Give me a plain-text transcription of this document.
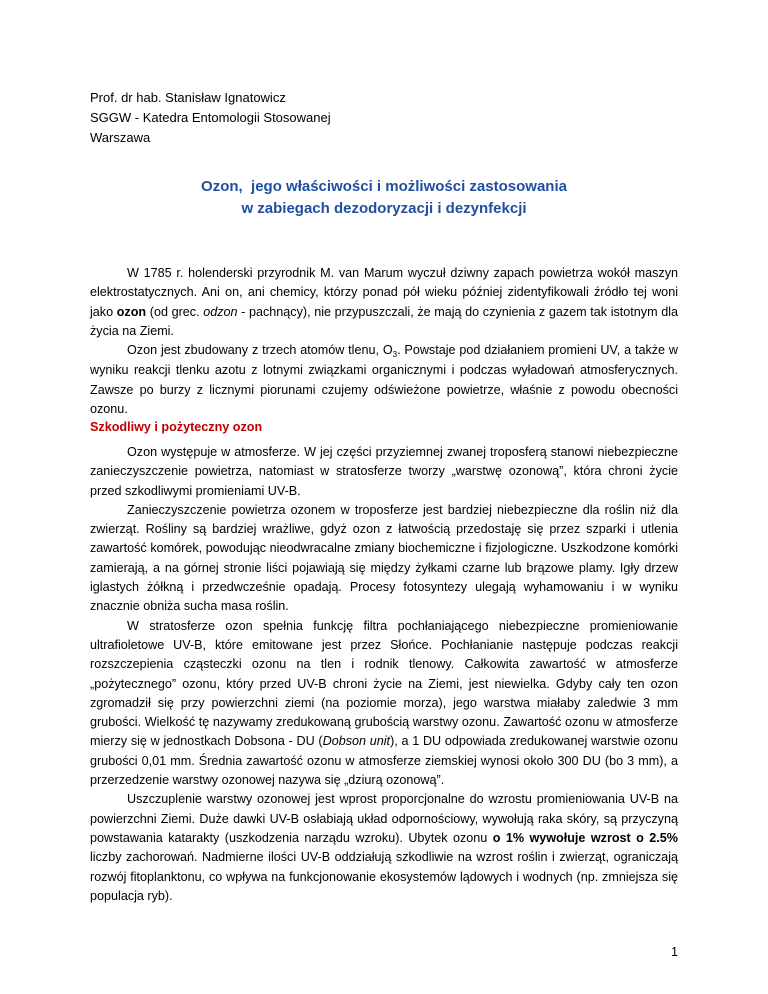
Prof. dr hab. Stanisław Ignatowicz
SGGW - Katedra Entomologii Stosowanej
Warszawa
Ozon,  jego właściwości i możliwości zastosowania
w zabiegach dezodoryzacji i dezynfekcji

W 1785 r. holenderski przyrodnik M. van Marum wyczuł dziwny zapach powietrza wokół maszyn elektrostatycznych. Ani on, ani chemicy, którzy ponad pół wieku później zidentyfikowali źródło tej woni jako ozon (od grec. odzon - pachnący), nie przypuszczali, że mają do czynienia z gazem tak istotnym dla życia na Ziemi.

Ozon jest zbudowany z trzech atomów tlenu, $O_3$. Powstaje pod działaniem promieni UV, a także w wyniku reakcji tlenku azotu z lotnymi związkami organicznymi i podczas wyładowań atmosferycznych. Zawsze po burzy z licznymi piorunami czujemy odświeżone powietrze, właśnie z powodu obecności ozonu.

Szkodliwy i pożyteczny ozon

Ozon występuje w atmosferze. W jej części przyziemnej zwanej troposferą stanowi niebezpieczne zanieczyszczenie powietrza, natomiast w stratosferze tworzy „warstwę ozonową”, która chroni życie przed szkodliwymi promieniami UV-B.

Zanieczyszczenie powietrza ozonem w troposferze jest bardziej niebezpieczne dla roślin niż dla zwierząt. Rośliny są bardziej wrażliwe, gdyż ozon z łatwością przedostaję się przez szparki i utlenia zawartość komórek, powodując nieodwracalne zmiany biochemiczne i fizjologiczne. Uszkodzone komórki zamierają, a na górnej stronie liści pojawiają się między żyłkami czarne lub brązowe plamy. Igły drzew iglastych żółkną i przedwcześnie opadają. Procesy fotosyntezy ulegają wyhamowaniu i w wyniku znacznie obniża sucha masa roślin.

W stratosferze ozon spełnia funkcję filtra pochłaniającego niebezpieczne promieniowanie ultrafioletowe UV-B, które emitowane jest przez Słońce. Pochłanianie następuje podczas reakcji rozszczepienia cząsteczki ozonu na tlen i rodnik tlenowy. Całkowita zawartość w atmosferze „pożytecznego” ozonu, który przed UV-B chroni życie na Ziemi, jest niewielka. Gdyby cały ten ozon zgromadził się przy powierzchni ziemi (na poziomie morza), jego warstwa miałaby zaledwie 3 mm grubości. Wielkość tę nazywamy zredukowaną grubością warstwy ozonu. Zawartość ozonu w atmosferze mierzy się w jednostkach Dobsona - DU (Dobson unit), a 1 DU odpowiada zredukowanej warstwie ozonu grubości 0,01 mm. Średnia zawartość ozonu w atmosferze ziemskiej wynosi około 300 DU (bo 3 mm), a przerzedzenie warstwy ozonowej nazywa się „dziurą ozonową”.

Uszczuplenie warstwy ozonowej jest wprost proporcjonalne do wzrostu promieniowania UV-B na powierzchni Ziemi. Duże dawki UV-B osłabiają układ odpornościowy, wywołują raka skóry, są przyczyną powstawania katarakty (uszkodzenia narządu wzroku). Ubytek ozonu o 1% wywołuje wzrost o 2.5% liczby zachorowań. Nadmierne ilości UV-B oddziałują szkodliwie na wzrost roślin i zwierząt, ograniczają rozwój fitoplanktonu, co wpływa na funkcjonowanie ekosystemów lądowych i wodnych (np. zmniejsza się populacja ryb).

1
